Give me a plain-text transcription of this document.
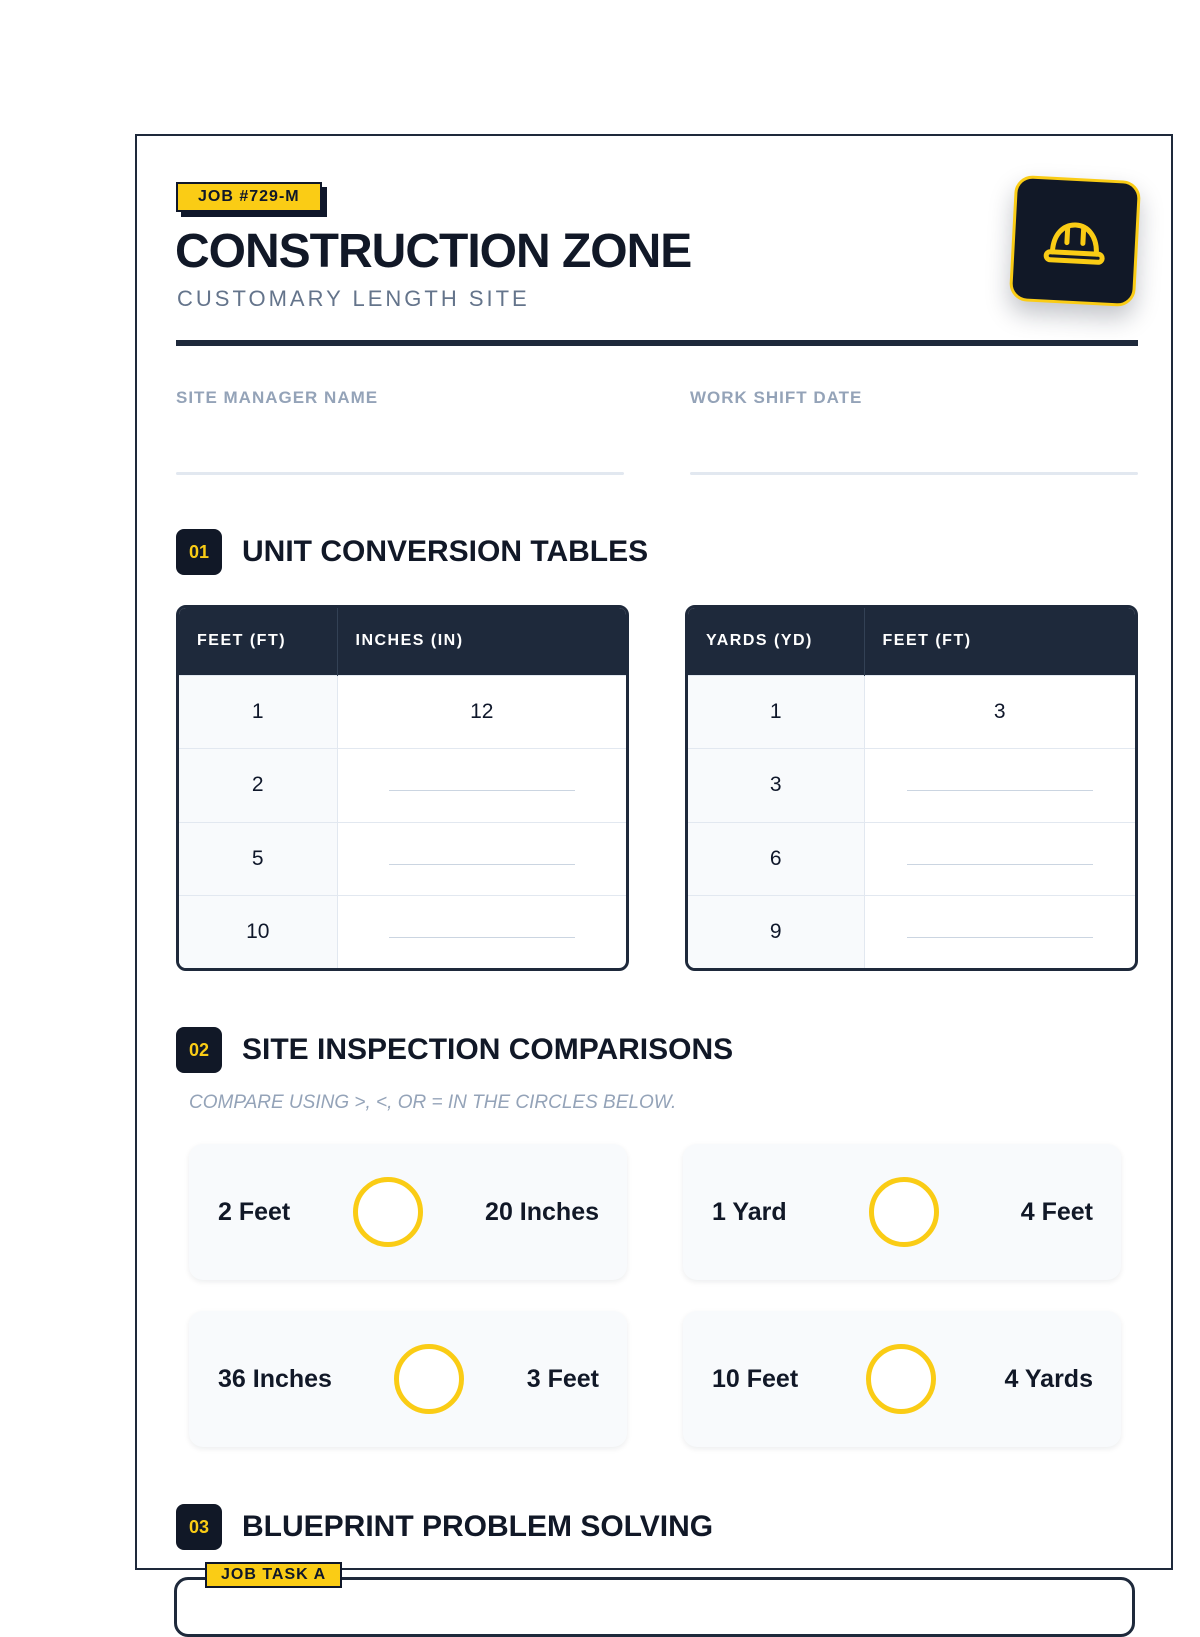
JOB #729-M
CONSTRUCTION ZONE
CUSTOMARY LENGTH SITE
SITE MANAGER NAME	WORK SHIFT DATE
01	UNIT CONVERSION TABLES
FEET (FT)	INCHES (IN)
1	12
2	
5	
10	
YARDS (YD)	FEET (FT)
1	3
3	
6	
9	
02	SITE INSPECTION COMPARISONS

COMPARE USING >, <, OR = IN THE CIRCLES BELOW.

2 Feet	20 Inches	1 Yard	4 Feet
36 Inches	3 Feet	10 Feet	4 Yards
03	BLUEPRINT PROBLEM SOLVING
JOB TASK A
